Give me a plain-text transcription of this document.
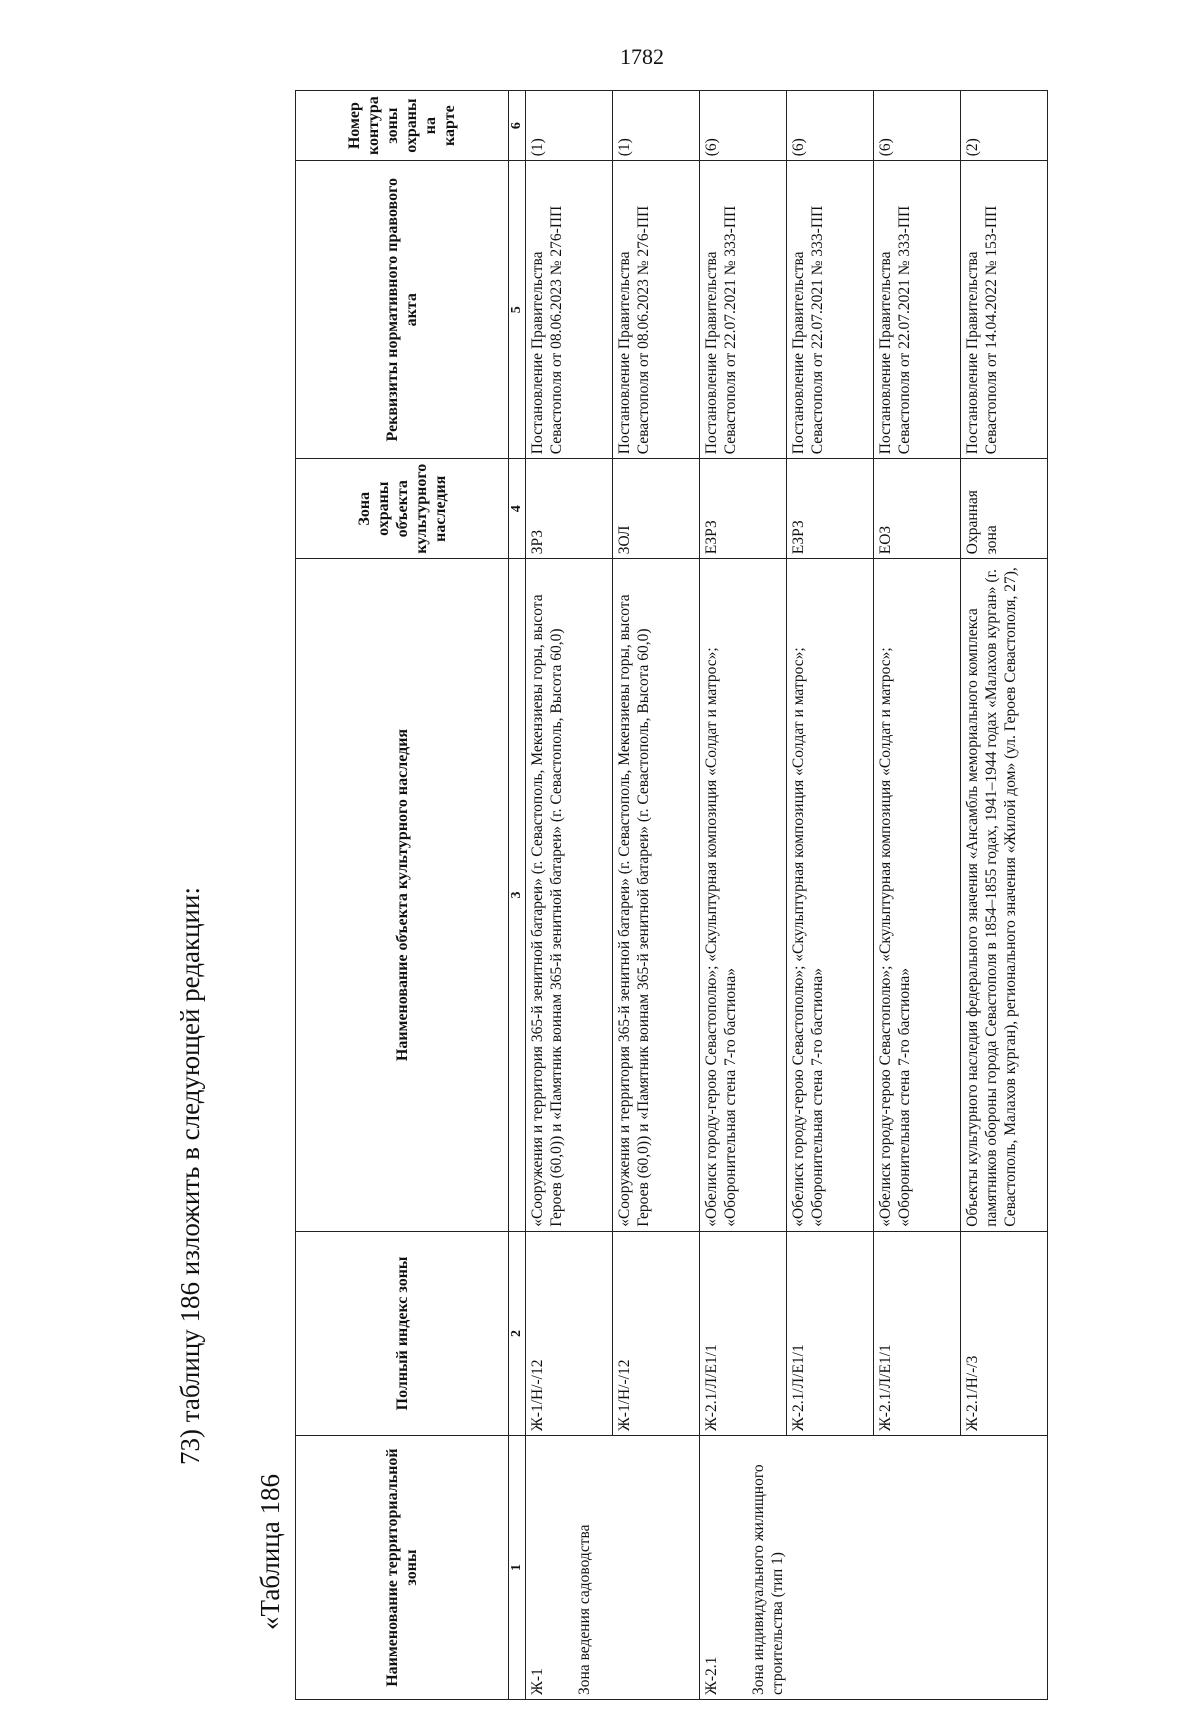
1782
73) таблицу 186 изложить в следующей редакции:
«Таблица 186	Наименование территориальной зоны	Полный индекс зоны	Наименование объекта культурного наследия	Зона охраны объекта культурного наследия	Реквизиты нормативного правового акта	Номер контура зоны охраны на карте
1	2	3	4	5	6
Ж-1 Зона ведения садоводства	Ж-1/Н/-/12	«Сооружения и территория 365-й зенитной батареи» (г. Севастополь, Мекензиевы горы, высота Героев (60,0)) и «Памятник воинам 365-й зенитной батареи» (г. Севастополь, Высота 60,0)	ЗРЗ	Постановление Правительства Севастополя от 08.06.2023 № 276-ПП	(1)
	Ж-1/Н/-/12	«Сооружения и территория 365-й зенитной батареи» (г. Севастополь, Мекензиевы горы, высота Героев (60,0)) и «Памятник воинам 365-й зенитной батареи» (г. Севастополь, Высота 60,0)	ЗОЛ	Постановление Правительства Севастополя от 08.06.2023 № 276-ПП	(1)
Ж-2.1 Зона индивидуального жилищного строительства (тип 1)	Ж-2.1/Л/Е1/1	«Обелиск городу-герою Севастополю»; «Скульптурная композиция «Солдат и матрос»; «Оборонительная стена 7-го бастиона»	ЕЗРЗ	Постановление Правительства Севастополя от 22.07.2021 № 333-ПП	(6)
	Ж-2.1/Л/Е1/1	«Обелиск городу-герою Севастополю»; «Скульптурная композиция «Солдат и матрос»; «Оборонительная стена 7-го бастиона»	ЕЗРЗ	Постановление Правительства Севастополя от 22.07.2021 № 333-ПП	(6)
	Ж-2.1/Л/Е1/1	«Обелиск городу-герою Севастополю»; «Скульптурная композиция «Солдат и матрос»; «Оборонительная стена 7-го бастиона»	ЕОЗ	Постановление Правительства Севастополя от 22.07.2021 № 333-ПП	(6)
	Ж-2.1/Н/-/3	Объекты культурного наследия федерального значения «Ансамбль мемориального комплекса памятников обороны города Севастополя в 1854–1855 годах, 1941–1944 годах «Малахов курган» (г. Севастополь, Малахов курган), регионального значения «Жилой дом» (ул. Героев Севастополя, 27),	Охранная зона	Постановление Правительства Севастополя от 14.04.2022 № 153-ПП	(2)
